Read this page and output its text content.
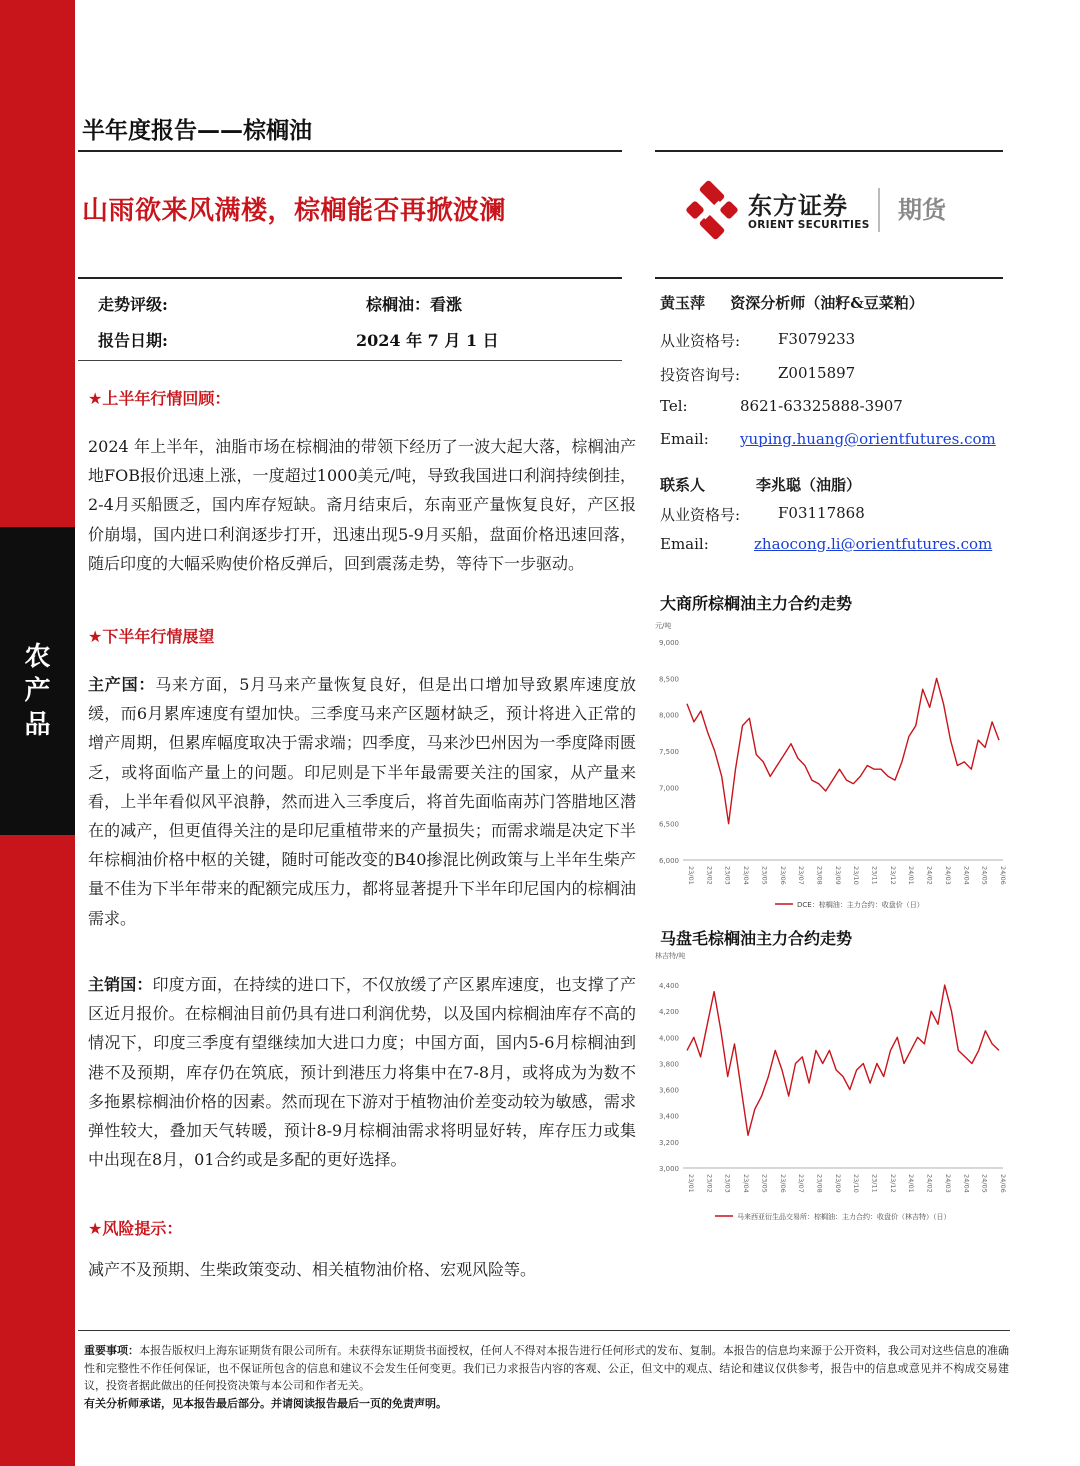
农
产
品
半年度报告——棕榈油
山雨欲来风满楼，棕榈能否再掀波澜	东方证券
ORIENT SECURITIES
期货
走势评级:	棕榈油：看涨
报告日期:	2024 年 7 月 1 日
★上半年行情回顾：

2024 年上半年，油脂市场在棕榈油的带领下经历了一波大起大落，棕榈油产地FOB报价迅速上涨，一度超过1000美元/吨，导致我国进口利润持续倒挂，2-4月买船匮乏，国内库存短缺。斋月结束后，东南亚产量恢复良好，产区报价崩塌，国内进口利润逐步打开，迅速出现5-9月买船，盘面价格迅速回落，随后印度的大幅采购使价格反弹后，回到震荡走势，等待下一步驱动。

★下半年行情展望

主产国：马来方面，5月马来产量恢复良好，但是出口增加导致累库速度放缓，而6月累库速度有望加快。三季度马来产区题材缺乏，预计将进入正常的增产周期，但累库幅度取决于需求端；四季度，马来沙巴州因为一季度降雨匮乏，或将面临产量上的问题。印尼则是下半年最需要关注的国家，从产量来看，上半年看似风平浪静，然而进入三季度后，将首先面临南苏门答腊地区潜在的减产，但更值得关注的是印尼重植带来的产量损失；而需求端是决定下半年棕榈油价格中枢的关键，随时可能改变的B40掺混比例政策与上半年生柴产量不佳为下半年带来的配额完成压力，都将显著提升下半年印尼国内的棕榈油需求。

主销国：印度方面，在持续的进口下，不仅放缓了产区累库速度，也支撑了产区近月报价。在棕榈油目前仍具有进口利润优势，以及国内棕榈油库存不高的情况下，印度三季度有望继续加大进口力度；中国方面，国内5-6月棕榈油到港不及预期，库存仍在筑底，预计到港压力将集中在7-8月，或将成为为数不多拖累棕榈油价格的因素。然而现在下游对于植物油价差变动较为敏感，需求弹性较大，叠加天气转暖，预计8-9月棕榈油需求将明显好转，库存压力或集中出现在8月，01合约或是多配的更好选择。

★风险提示：

减产不及预期、生柴政策变动、相关植物油价格、宏观风险等。

黄玉萍 资深分析师（油籽&豆菜粕）
从业资格号:	F3079233
投资咨询号:	Z0015897
Tel:	8621-63325888-3907
Email: yuping.huang@orientfutures.com
联系人	李兆聪（油脂）
从业资格号:	F03117868
Email:	zhaocong.li@orientfutures.com
大商所棕榈油主力合约走势
元/吨
9,000
8,500
8,000
7,500
7,000
6,500
6,000
23/01 23/02 23/03 23/04 23/05 23/06 23/07 23/08 23/09 23/10 23/11 23/12 24/01 24/02 24/03 24/04 24/05 24/06
DCE：棕榈油：主力合约：收盘价（日）
马盘毛棕榈油主力合约走势
林吉特/吨
4,400
4,200
4,000
3,800
3,600
3,400
3,200
3,000
23/01 23/02 23/03 23/04 23/05 23/06 23/07 23/08 23/09 23/10 23/11 23/12 24/01 24/02 24/03 24/04 24/05 24/06
马来西亚衍生品交易所：棕榈油：主力合约：收盘价（林吉特）（日）
重要事项：本报告版权归上海东证期货有限公司所有。未获得东证期货书面授权，任何人不得对本报告进行任何形式的发布、复制。本报告的信息均来源于公开资料，我公司对这些信息的准确性和完整性不作任何保证，也不保证所包含的信息和建议不会发生任何变更。我们已力求报告内容的客观、公正，但文中的观点、结论和建议仅供参考，报告中的信息或意见并不构成交易建议，投资者据此做出的任何投资决策与本公司和作者无关。
有关分析师承诺，见本报告最后部分。并请阅读报告最后一页的免责声明。
